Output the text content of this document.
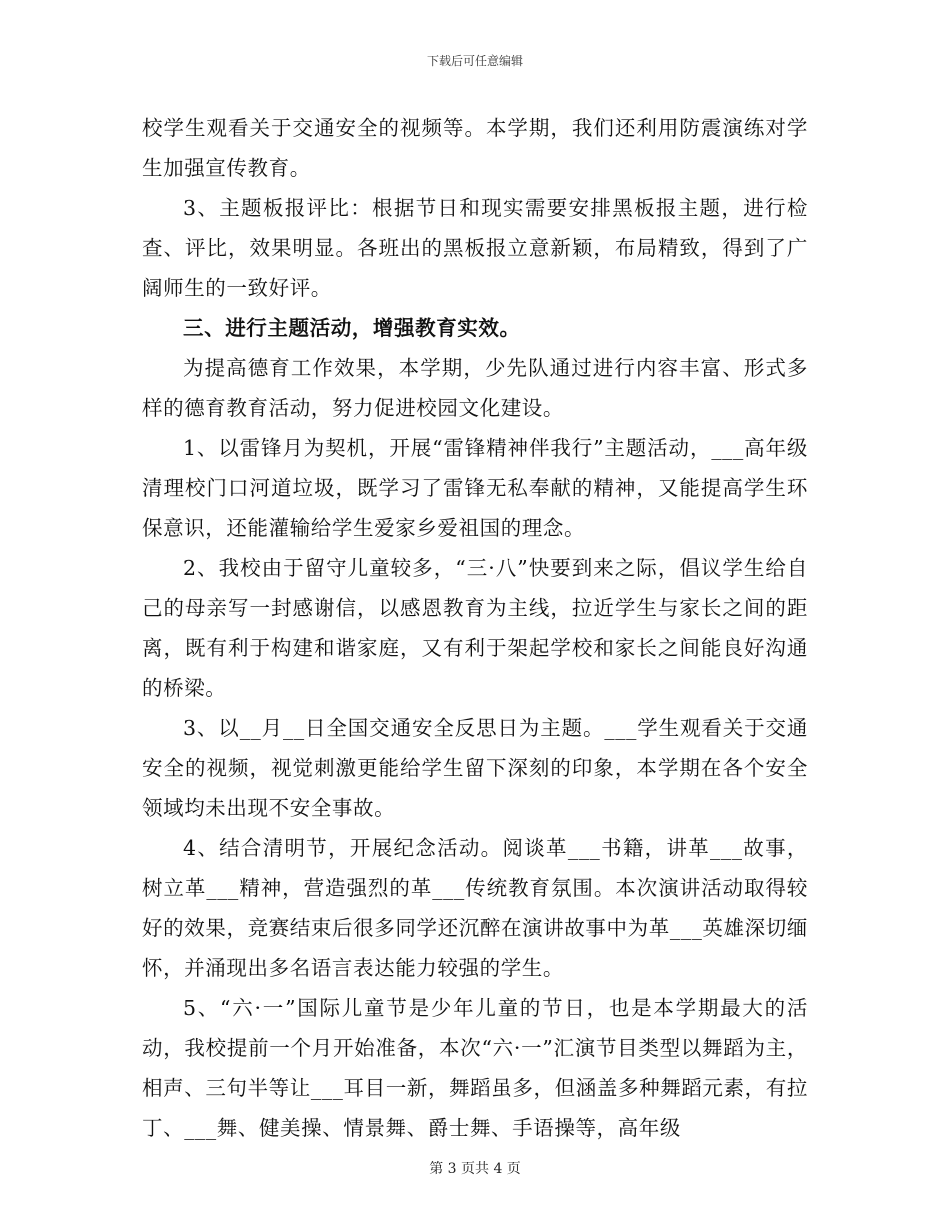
下载后可任意编辑

校学生观看关于交通安全的视频等。本学期，我们还利用防震演练对学生加强宣传教育。

3、主题板报评比：根据节日和现实需要安排黑板报主题，进行检查、评比，效果明显。各班出的黑板报立意新颖，布局精致，得到了广阔师生的一致好评。

三、进行主题活动，增强教育实效。

为提高德育工作效果，本学期，少先队通过进行内容丰富、形式多样的德育教育活动，努力促进校园文化建设。

1、以雷锋月为契机，开展“雷锋精神伴我行”主题活动，___高年级清理校门口河道垃圾，既学习了雷锋无私奉献的精神，又能提高学生环保意识，还能灌输给学生爱家乡爱祖国的理念。

2、我校由于留守儿童较多，“三·八”快要到来之际，倡议学生给自己的母亲写一封感谢信，以感恩教育为主线，拉近学生与家长之间的距离，既有利于构建和谐家庭，又有利于架起学校和家长之间能良好沟通的桥梁。

3、以__月__日全国交通安全反思日为主题。___学生观看关于交通安全的视频，视觉刺激更能给学生留下深刻的印象，本学期在各个安全领域均未出现不安全事故。

4、结合清明节，开展纪念活动。阅谈革___书籍，讲革___故事，树立革___精神，营造强烈的革___传统教育氛围。本次演讲活动取得较好的效果，竞赛结束后很多同学还沉醉在演讲故事中为革___英雄深切缅怀，并涌现出多名语言表达能力较强的学生。

5、“六·一”国际儿童节是少年儿童的节日，也是本学期最大的活动，我校提前一个月开始准备，本次“六·一”汇演节目类型以舞蹈为主，相声、三句半等让___耳目一新，舞蹈虽多，但涵盖多种舞蹈元素，有拉丁、___舞、健美操、情景舞、爵士舞、手语操等，高年级

第 3 页共 4 页
